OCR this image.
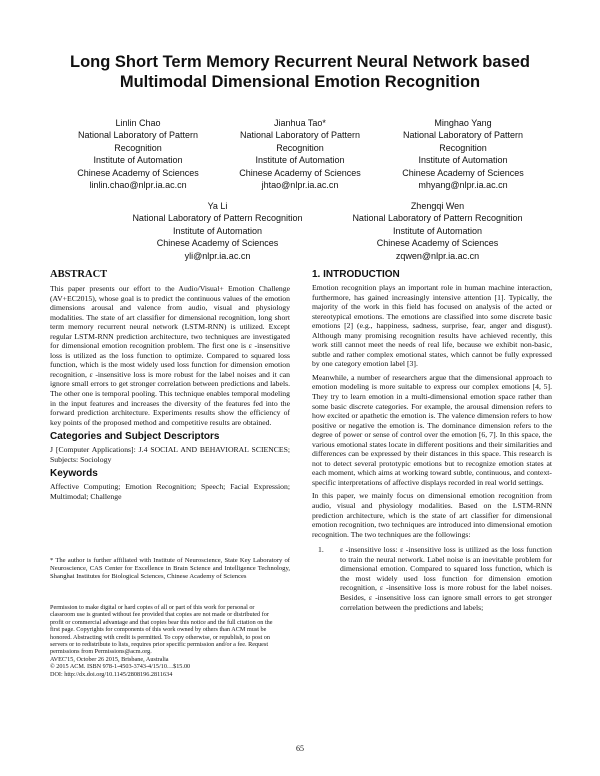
Long Short Term Memory Recurrent Neural Network based Multimodal Dimensional Emotion Recognition
Linlin Chao
National Laboratory of Pattern
Recognition
Institute of Automation
Chinese Academy of Sciences
linlin.chao@nlpr.ia.ac.cn
Jianhua Tao*
National Laboratory of Pattern
Recognition
Institute of Automation
Chinese Academy of Sciences
jhtao@nlpr.ia.ac.cn
Minghao Yang
National Laboratory of Pattern
Recognition
Institute of Automation
Chinese Academy of Sciences
mhyang@nlpr.ia.ac.cn
Ya Li
National Laboratory of Pattern Recognition
Institute of Automation
Chinese Academy of Sciences
yli@nlpr.ia.ac.cn
Zhengqi Wen
National Laboratory of Pattern Recognition
Institute of Automation
Chinese Academy of Sciences
zqwen@nlpr.ia.ac.cn
ABSTRACT

This paper presents our effort to the Audio/Visual+ Emotion Challenge (AV+EC2015), whose goal is to predict the continuous values of the emotion dimensions arousal and valence from audio, visual and physiology modalities. The state of art classifier for dimensional recognition, long short term memory recurrent neural network (LSTM-RNN) is utilized. Except regular LSTM-RNN prediction architecture, two techniques are investigated for dimensional emotion recognition problem. The first one is ε -insensitive loss is utilized as the loss function to optimize. Compared to squared loss function, which is the most widely used loss function for dimension emotion recognition, ε -insensitive loss is more robust for the label noises and it can ignore small errors to get stronger correlation between predictions and labels. The other one is temporal pooling. This technique enables temporal modeling in the input features and increases the diversity of the features fed into the forward prediction architecture. Experiments results show the efficiency of key points of the proposed method and competitive results are obtained.

Categories and Subject Descriptors

J [Computer Applications]: J.4 SOCIAL AND BEHAVIORAL SCIENCES; Subjects: Sociology

Keywords

Affective Computing; Emotion Recognition; Speech; Facial Expression; Multimodal; Challenge

* The author is further affiliated with Institute of Neuroscience, State Key Laboratory of Neuroscience, CAS Center for Excellence in Brain Science and Intelligence Technology, Shanghai Institutes for Biological Sciences, Chinese Academy of Sciences
Permission to make digital or hard copies of all or part of this work for personal or classroom use is granted without fee provided that copies are not made or distributed for profit or commercial advantage and that copies bear this notice and the full citation on the first page. Copyrights for components of this work owned by others than ACM must be honored. Abstracting with credit is permitted. To copy otherwise, or republish, to post on servers or to redistribute to lists, requires prior specific permission and/or a fee. Request permissions from Permissions@acm.org.
AVEC'15, October 26 2015, Brisbane, Australia
© 2015 ACM. ISBN 978-1-4503-3743-4/15/10…$15.00
DOI: http://dx.doi.org/10.1145/2808196.2811634
1. INTRODUCTION

Emotion recognition plays an important role in human machine interaction, furthermore, has gained increasingly intensive attention [1]. Typically, the majority of the work in this field has focused on analysis of the acted or stereotypical emotions. The emotions are classified into some discrete basic emotions [2] (e.g., happiness, sadness, surprise, fear, anger and disgust). Although many promising recognition results have achieved recently, this work still cannot meet the needs of real life, because we exhibit non-basic, subtle and rather complex emotional states, which cannot be fully expressed by one category emotion label [3].

Meanwhile, a number of researchers argue that the dimensional approach to emotion modeling is more suitable to express our complex emotions [4, 5]. They try to learn emotion in a multi-dimensional emotion space rather than some basic discrete categories. For example, the arousal dimension refers to how excited or apathetic the emotion is. The valence dimension refers to how positive or negative the emotion is. The dominance dimension refers to the degree of power or sense of control over the emotion [6, 7]. In this space, the various emotional states locate in different positions and their similarities and differences can be expressed by their distances in this space. This research is not to detect several prototypic emotions but to recognize emotion states at each moment, which aims at working toward subtle, continuous, and context-specific interpretations of affective displays recorded in real world settings.

In this paper, we mainly focus on dimensional emotion recognition from audio, visual and physiology modalities. Based on the LSTM-RNN prediction architecture, which is the state of art classifier for dimensional emotion recognition, two techniques are introduced into dimensional emotion recognition. The two techniques are the followings:

1.	ε -insensitive loss: ε -insensitive loss is utilized as the loss function to train the neural network. Label noise is an inevitable problem for dimensional emotion. Compared to squared loss function, which is the most widely used loss function for dimension emotion recognition, ε -insensitive loss is more robust for the label noises. Besides, ε -insensitive loss can ignore small errors to get stronger correlation between the predictions and labels;
65
